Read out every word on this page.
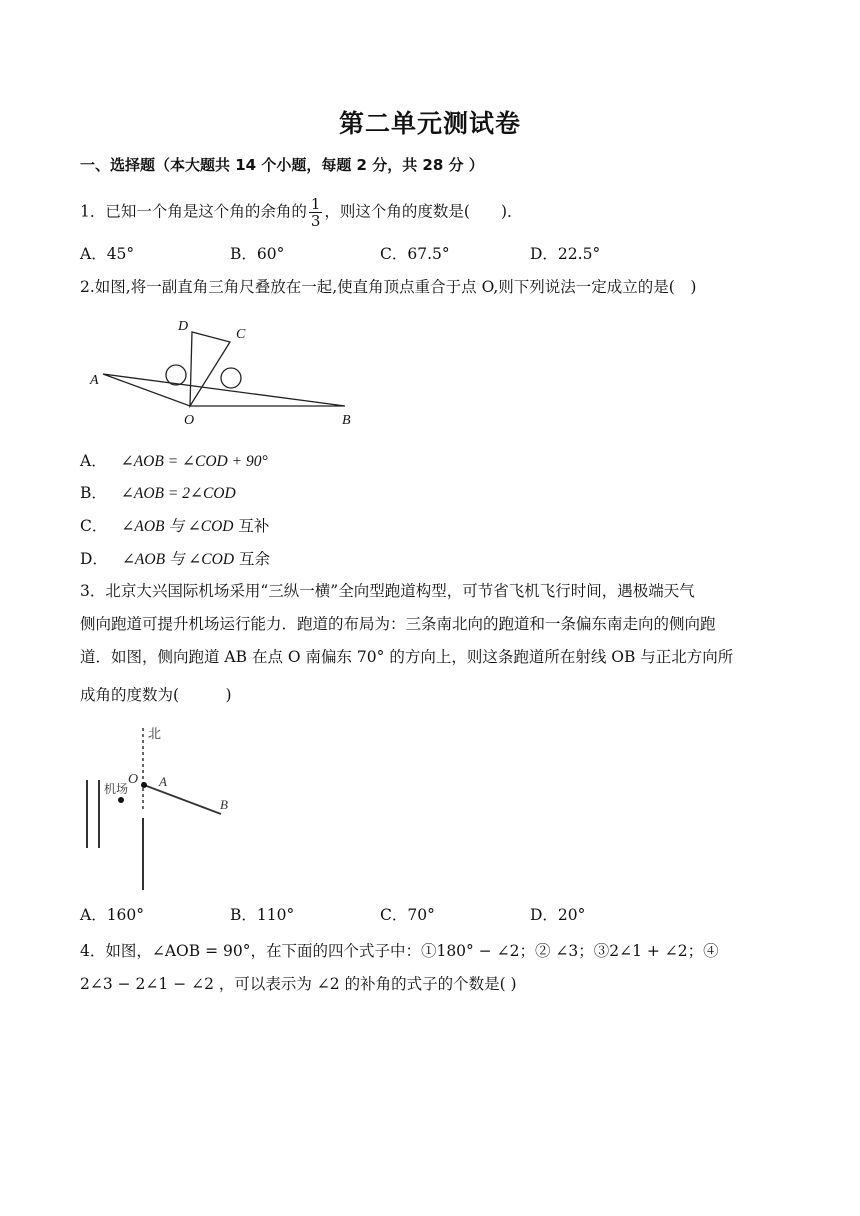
第二单元测试卷
一、选择题（本大题共 14 个小题，每题 2 分，共 28 分 ）
1．已知一个角是这个角的余角的 $\frac{1}{3}$ ，则这个角的度数是(　　)．
A．45°	B．60°	C．67.5°	D．22.5°
2.如图,将一副直角三角尺叠放在一起,使直角顶点重合于点 O,则下列说法一定成立的是(　)
D
C
A
O	B
A． ∠AOB = ∠COD + 90°
B． ∠AOB = 2∠COD
C． ∠AOB 与 ∠COD 互补
D． ∠AOB 与 ∠COD 互余
3．北京大兴国际机场采用“三纵一横”全向型跑道构型，可节省飞机飞行时间，遇极端天气
侧向跑道可提升机场运行能力．跑道的布局为：三条南北向的跑道和一条偏东南走向的侧向跑
道．如图，侧向跑道 AB 在点 O 南偏东 70° 的方向上，则这条跑道所在射线 OB 与正北方向所
成角的度数为(　　　)
北
机场
O A
B
A．160°	B．110°	C．70°	D．20°
4．如图，∠AOB = 90°，在下面的四个式子中：①180° − ∠2；② ∠3；③2∠1 + ∠2；④
2∠3 − 2∠1 − ∠2 ，可以表示为 ∠2 的补角的式子的个数是( )
